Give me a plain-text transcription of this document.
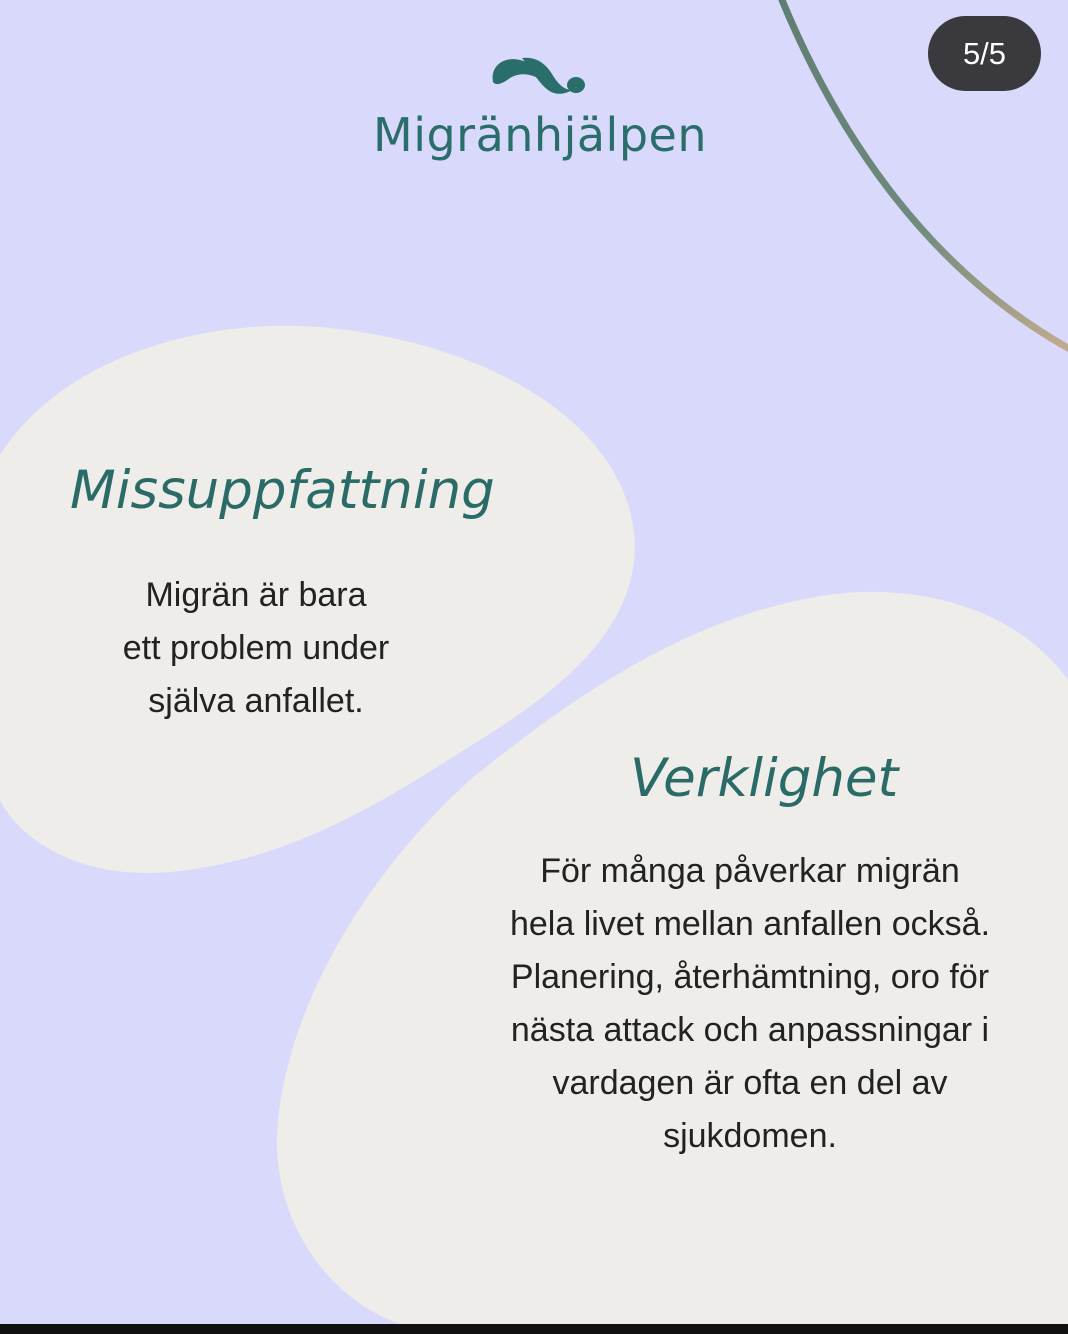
5/5
Migränhjälpen
Missuppfattning
Migrän är bara
ett problem under
själva anfallet.
Verklighet
För många påverkar migrän
hela livet mellan anfallen också.
Planering, återhämtning, oro för
nästa attack och anpassningar i
vardagen är ofta en del av
sjukdomen.
